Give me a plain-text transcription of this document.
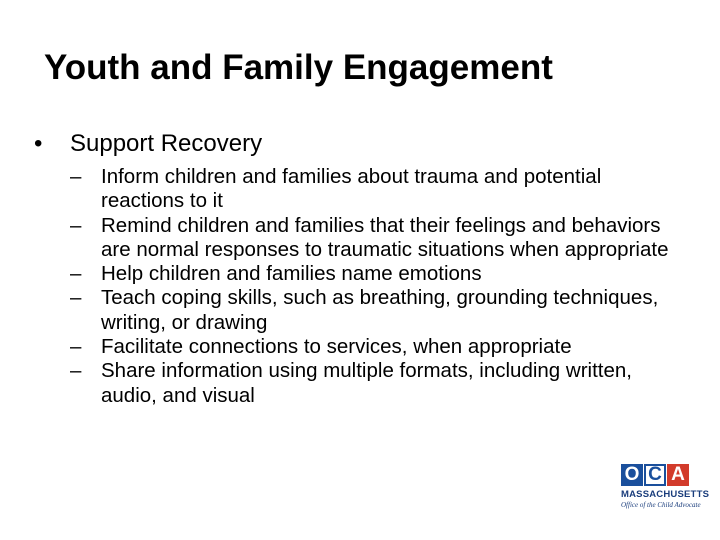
Youth and Family Engagement
• Support Recovery
– Inform children and families about trauma and potential reactions to it
– Remind children and families that their feelings and behaviors are normal responses to traumatic situations when appropriate
– Help children and families name emotions
– Teach coping skills, such as breathing, grounding techniques, writing, or drawing
– Facilitate connections to services, when appropriate
– Share information using multiple formats, including written, audio, and visual
O C A
MASSACHUSETTS
Office of the Child Advocate
